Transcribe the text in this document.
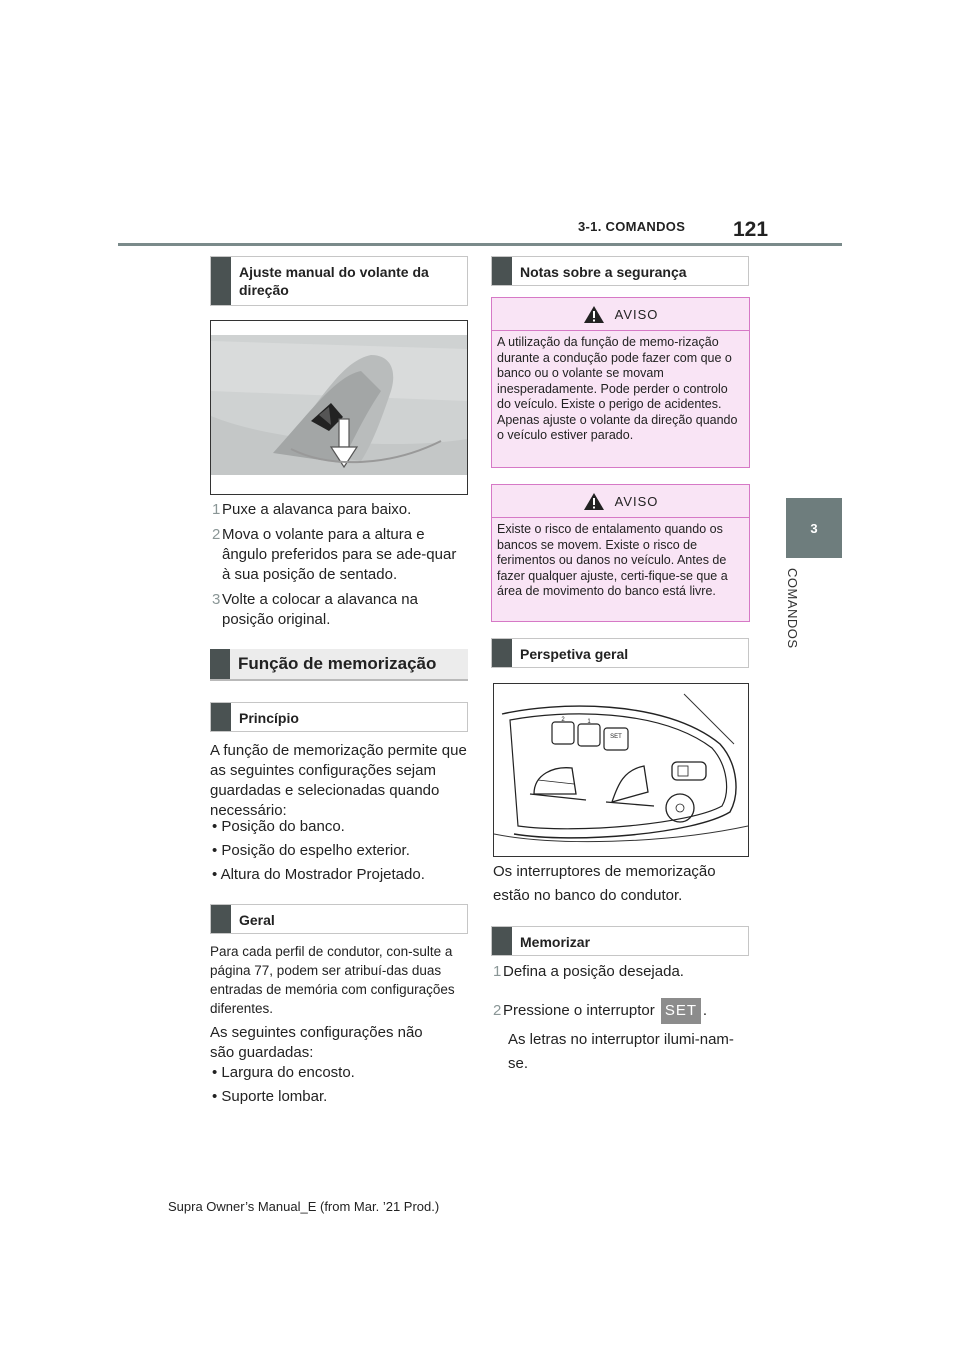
3-1. COMANDOS 121
3
COMANDOS
Ajuste manual do volante da direção
1 Puxe a alavanca para baixo.
2 Mova o volante para a altura e ângulo preferidos para se ade-quar à sua posição de sentado.
3 Volte a colocar a alavanca na posição original.
Função de memorização
Princípio
A função de memorização permite que as seguintes configurações sejam guardadas e selecionadas quando necessário:
• Posição do banco.
• Posição do espelho exterior.
• Altura do Mostrador Projetado.
Geral
Para cada perfil de condutor, con-sulte a página 77, podem ser atribuí-das duas entradas de memória com configurações diferentes.
As seguintes configurações não são guardadas:
• Largura do encosto.
• Suporte lombar.
Notas sobre a segurança
AVISO
A utilização da função de memo-rização durante a condução pode fazer com que o banco ou o volante se movam inesperadamente. Pode perder o controlo do veículo. Existe o perigo de acidentes. Apenas ajuste o volante da direção quando o veículo estiver parado.
AVISO
Existe o risco de entalamento quando os bancos se movem. Existe o risco de ferimentos ou danos no veículo. Antes de fazer qualquer ajuste, certi-fique-se que a área de movimento do banco está livre.
Perspetiva geral
2	1
SET
Os interruptores de memorização estão no banco do condutor.
Memorizar
1 Defina a posição desejada.
2 Pressione o interruptor SET .
As letras no interruptor ilumi-nam-se.
Supra Owner’s Manual_E (from Mar. ’21 Prod.)
